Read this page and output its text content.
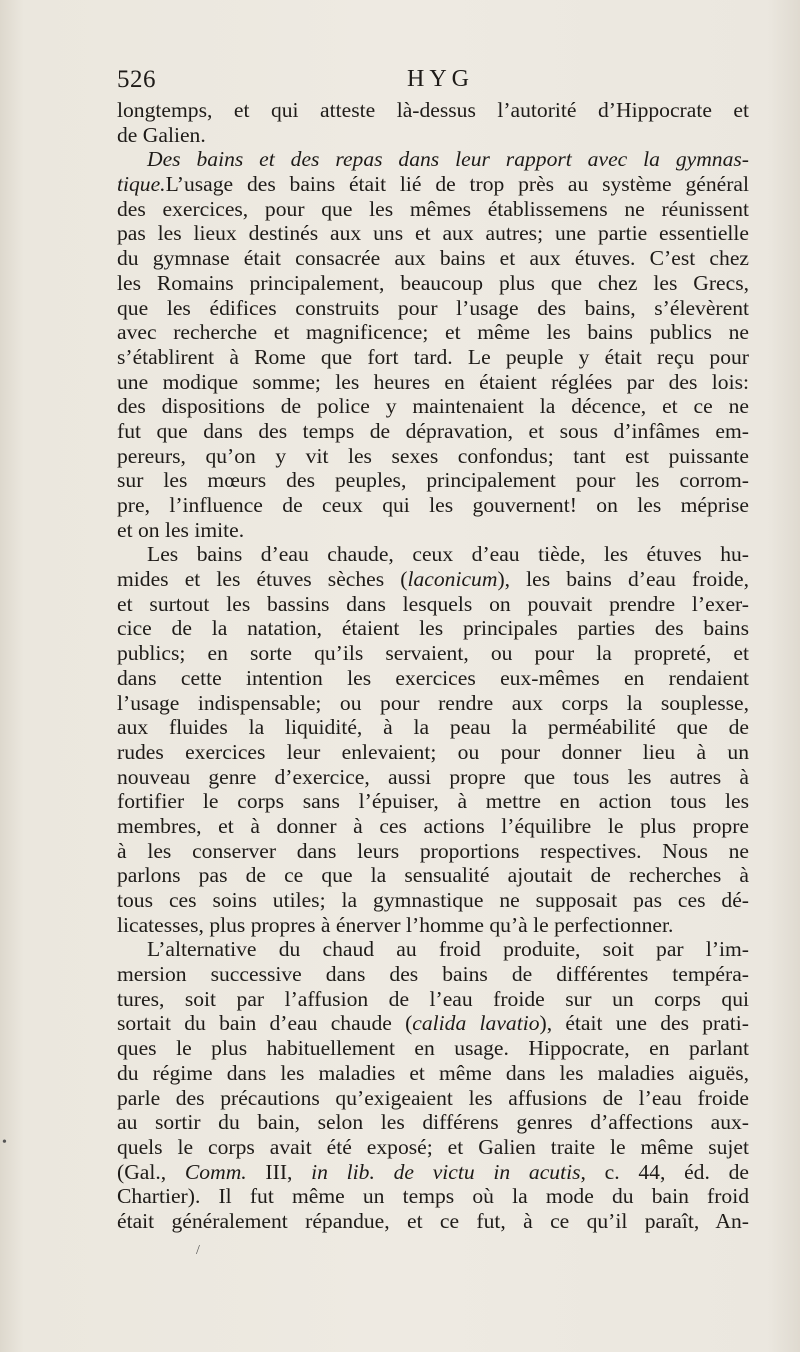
526	HYG
longtemps, et qui atteste là-dessus l’autorité d’Hippocrate et
de Galien.
Des bains et des repas dans leur rapport avec la gymnas-
tique.L’usage des bains était lié de trop près au système général
des exercices, pour que les mêmes établissemens ne réunissent
pas les lieux destinés aux uns et aux autres; une partie essentielle
du gymnase était consacrée aux bains et aux étuves. C’est chez
les Romains principalement, beaucoup plus que chez les Grecs,
que les édifices construits pour l’usage des bains, s’élevèrent
avec recherche et magnificence; et même les bains publics ne
s’établirent à Rome que fort tard. Le peuple y était reçu pour
une modique somme; les heures en étaient réglées par des lois:
des dispositions de police y maintenaient la décence, et ce ne
fut que dans des temps de dépravation, et sous d’infâmes em-
pereurs, qu’on y vit les sexes confondus; tant est puissante
sur les mœurs des peuples, principalement pour les corrom-
pre, l’influence de ceux qui les gouvernent! on les méprise
et on les imite.
Les bains d’eau chaude, ceux d’eau tiède, les étuves hu-
mides et les étuves sèches (laconicum), les bains d’eau froide,
et surtout les bassins dans lesquels on pouvait prendre l’exer-
cice de la natation, étaient les principales parties des bains
publics; en sorte qu’ils servaient, ou pour la propreté, et
dans cette intention les exercices eux-mêmes en rendaient
l’usage indispensable; ou pour rendre aux corps la souplesse,
aux fluides la liquidité, à la peau la perméabilité que de
rudes exercices leur enlevaient; ou pour donner lieu à un
nouveau genre d’exercice, aussi propre que tous les autres à
fortifier le corps sans l’épuiser, à mettre en action tous les
membres, et à donner à ces actions l’équilibre le plus propre
à les conserver dans leurs proportions respectives. Nous ne
parlons pas de ce que la sensualité ajoutait de recherches à
tous ces soins utiles; la gymnastique ne supposait pas ces dé-
licatesses, plus propres à énerver l’homme qu’à le perfectionner.
L’alternative du chaud au froid produite, soit par l’im-
mersion successive dans des bains de différentes tempéra-
tures, soit par l’affusion de l’eau froide sur un corps qui
sortait du bain d’eau chaude (calida lavatio), était une des prati-
ques le plus habituellement en usage. Hippocrate, en parlant
du régime dans les maladies et même dans les maladies aiguës,
parle des précautions qu’exigeaient les affusions de l’eau froide
au sortir du bain, selon les différens genres d’affections aux-
quels le corps avait été exposé; et Galien traite le même sujet
(Gal., Comm. III, in lib. de victu in acutis, c. 44, éd. de
Chartier). Il fut même un temps où la mode du bain froid
était généralement répandue, et ce fut, à ce qu’il paraît, An-
/
•
